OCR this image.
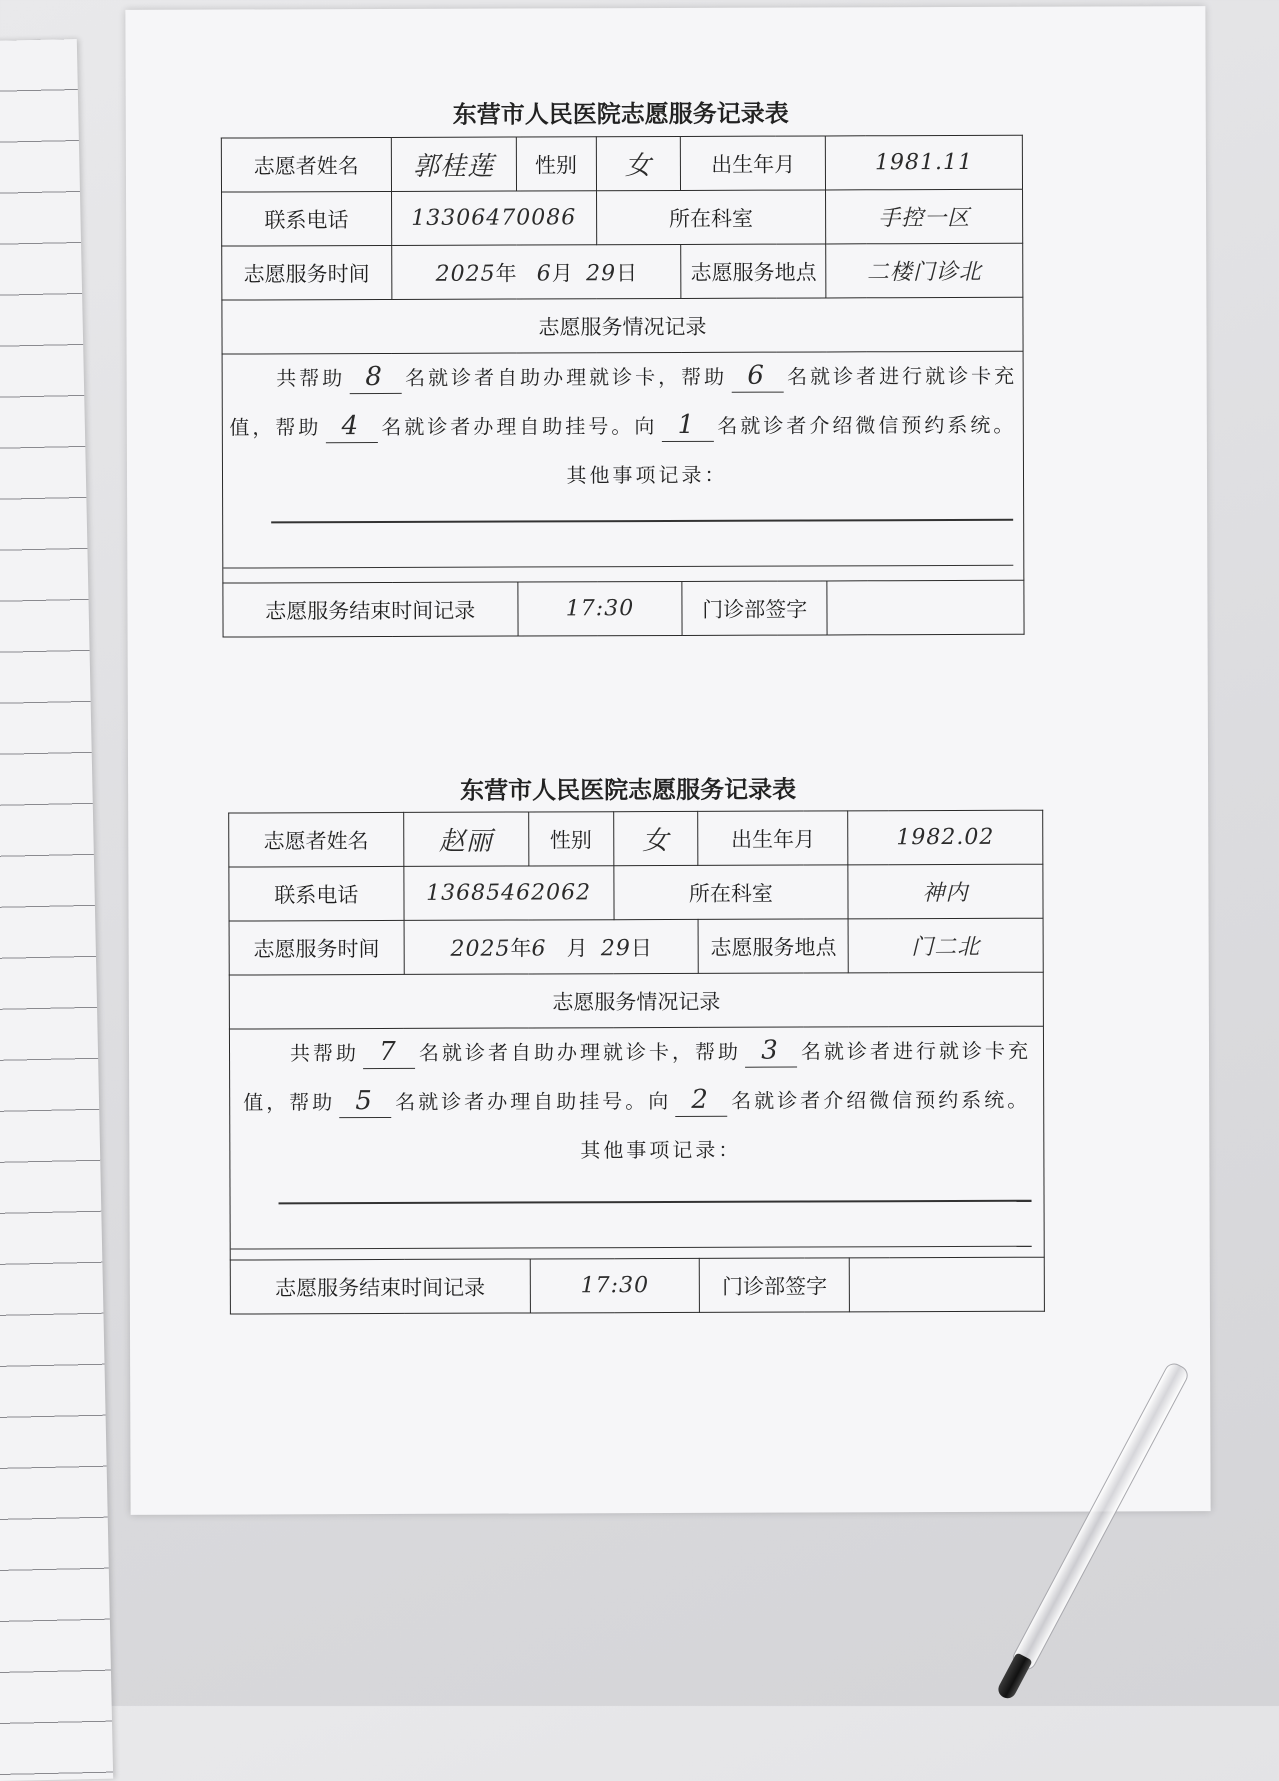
东营市人民医院志愿服务记录表
志愿者姓名	郭桂莲	性别	女	出生年月	1981.11
联系电话	13306470086		所在科室		手控一区
志愿服务时间	2025年 6月 29日			志愿服务地点	二楼门诊北
志愿服务情况记录					

共帮助 8 名就诊者自助办理就诊卡，帮助 6 名就诊者进行就诊卡充值，帮助 4 名就诊者办理自助挂号。向 1 名就诊者介绍微信预约系统。

其他事项记录：					

志愿服务结束时间记录		17:30		门诊部签字	
东营市人民医院志愿服务记录表
志愿者姓名	赵丽	性别	女	出生年月	1982.02
联系电话	13685462062		所在科室		神内
志愿服务时间	2025年6 月 29日			志愿服务地点	门二北
志愿服务情况记录					

共帮助 7 名就诊者自助办理就诊卡，帮助 3 名就诊者进行就诊卡充值，帮助 5 名就诊者办理自助挂号。向 2 名就诊者介绍微信预约系统。

其他事项记录：					

志愿服务结束时间记录		17:30		门诊部签字	
